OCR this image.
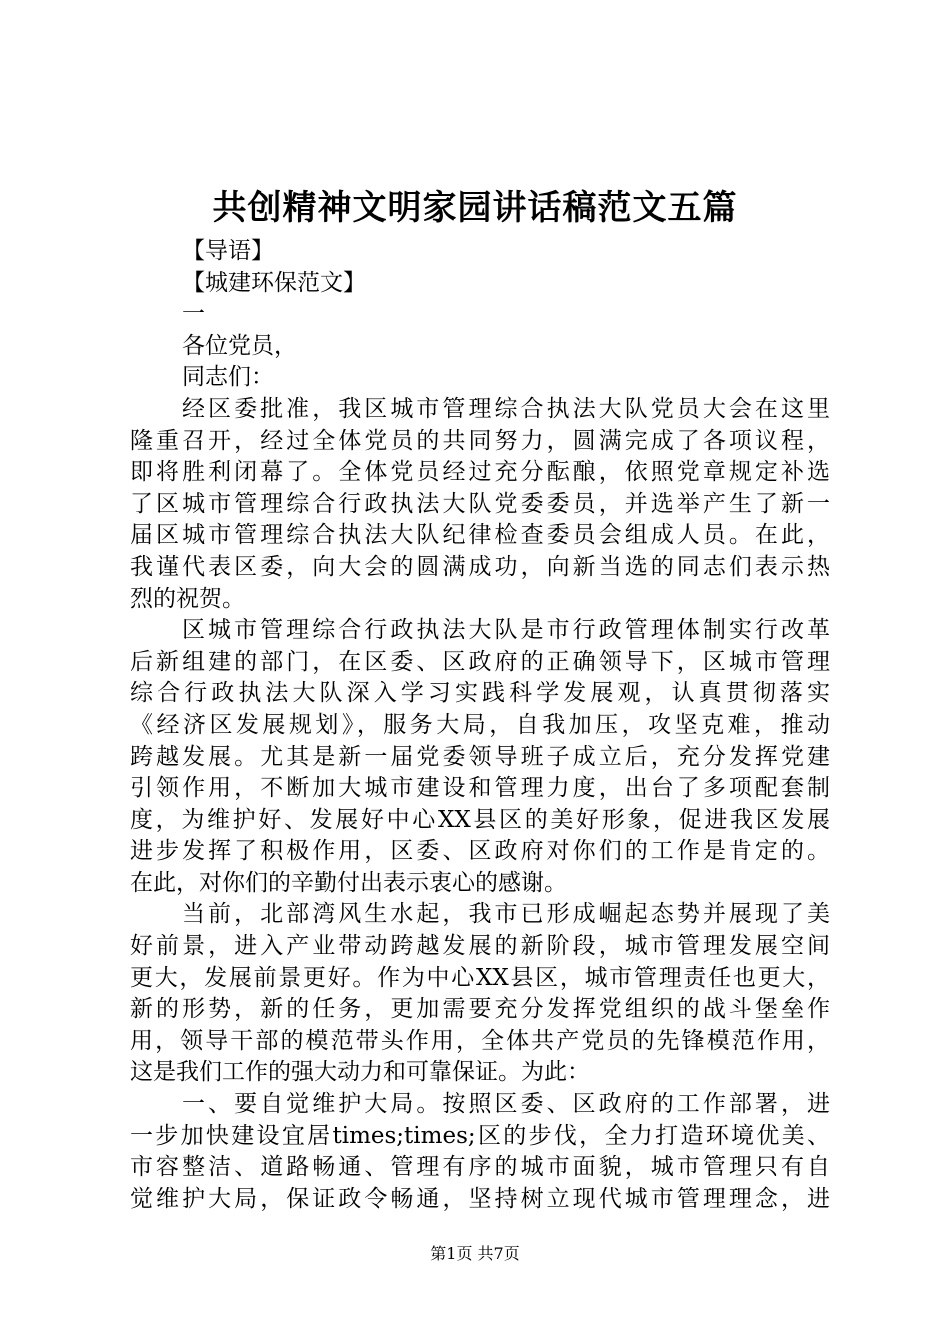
共创精神文明家园讲话稿范文五篇
【导语】
【城建环保范文】
一
各位党员，
同志们：
经区委批准，我区城市管理综合执法大队党员大会在这里
隆重召开，经过全体党员的共同努力，圆满完成了各项议程，
即将胜利闭幕了。全体党员经过充分酝酿，依照党章规定补选
了区城市管理综合行政执法大队党委委员，并选举产生了新一
届区城市管理综合执法大队纪律检查委员会组成人员。在此，
我谨代表区委，向大会的圆满成功，向新当选的同志们表示热
烈的祝贺。
区城市管理综合行政执法大队是市行政管理体制实行改革
后新组建的部门，在区委、区政府的正确领导下，区城市管理
综合行政执法大队深入学习实践科学发展观，认真贯彻落实
《经济区发展规划》，服务大局，自我加压，攻坚克难，推动
跨越发展。尤其是新一届党委领导班子成立后，充分发挥党建
引领作用，不断加大城市建设和管理力度，出台了多项配套制
度，为维护好、发展好中心XX县区的美好形象，促进我区发展
进步发挥了积极作用，区委、区政府对你们的工作是肯定的。
在此，对你们的辛勤付出表示衷心的感谢。
当前，北部湾风生水起，我市已形成崛起态势并展现了美
好前景，进入产业带动跨越发展的新阶段，城市管理发展空间
更大，发展前景更好。作为中心XX县区，城市管理责任也更大，
新的形势，新的任务，更加需要充分发挥党组织的战斗堡垒作
用，领导干部的模范带头作用，全体共产党员的先锋模范作用，
这是我们工作的强大动力和可靠保证。为此：
一、要自觉维护大局。按照区委、区政府的工作部署，进
一步加快建设宜居times;times;区的步伐，全力打造环境优美、
市容整洁、道路畅通、管理有序的城市面貌，城市管理只有自
觉维护大局，保证政令畅通，坚持树立现代城市管理理念，进
第1页 共7页
